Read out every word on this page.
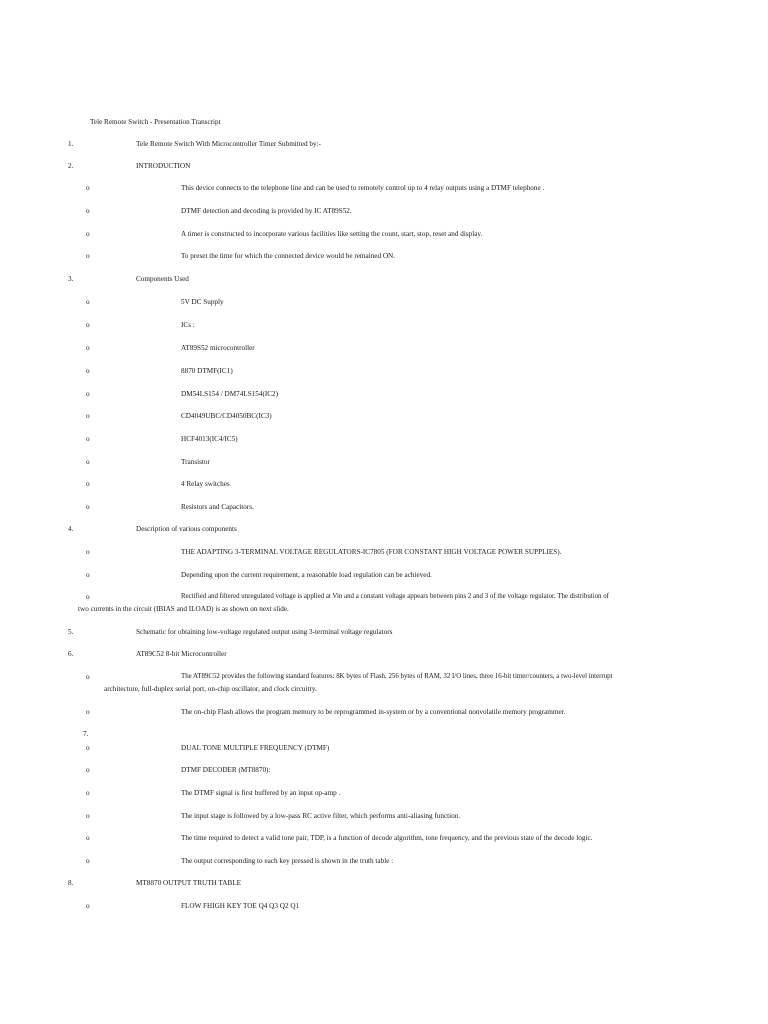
Tele Remote Switch - Presentation Transcript
1.	Tele Remote Switch With Microcontroller Timer Submitted by:-
2.	INTRODUCTION
o	This device connects to the telephone line and can be used to remotely control up to 4 relay outputs using a DTMF telephone .
o	DTMF detection and decoding is provided by IC AT89S52.
o	A timer is constructed to incorporate various facilities like setting the count, start, stop, reset and display.
o	To preset the time for which the connected device would be remained ON.
3.	Components Used
o	5V DC Supply
o	ICs :
o	AT89S52 microcontroller
o	8870 DTMF(IC1)
o	DM54LS154 / DM74LS154(IC2)
o	CD4049UBC/CD4050BC(IC3)
o	HCF4013(IC4/IC5)
o	Transistor
o	4 Relay switches
o	Resistors and Capacitors.
4.	Description of various components
o	THE ADAPTING 3-TERMINAL VOLTAGE REGULATORS-IC7805 (FOR CONSTANT HIGH VOLTAGE POWER SUPPLIES).
o	Depending upon the current requirement, a reasonable load regulation can be achieved.
o	Rectified and filtered unregulated voltage is applied at Vin and a constant voltage appears between pins 2 and 3 of the voltage regulator. The distribution of
two currents in the circuit (IBIAS and ILOAD) is as shown on next slide.
5.	Schematic for obtaining low-voltage regulated output using 3-terminal voltage regulators
6.	AT89C52 8-bit Microcontroller
o	The AT89C52 provides the following standard features: 8K bytes of Flash, 256 bytes of RAM, 32 I/O lines, three 16-bit timer/counters, a two-level interrupt
architecture, full-duplex serial port, on-chip oscillator, and clock circuitry.
o	The on-chip Flash allows the program memory to be reprogrammed in-system or by a conventional nonvolatile memory programmer.
7.
o	DUAL TONE MULTIPLE FREQUENCY (DTMF)
o	DTMF DECODER (MT8870):
o	The DTMF signal is first buffered by an input op-amp .
o	The input stage is followed by a low-pass RC active filter, which performs anti-aliasing function.
o	The time required to detect a valid tone pair, TDP, is a function of decode algorithm, tone frequency, and the previous state of the decode logic.
o	The output corresponding to each key pressed is shown in the truth table :
8.	MT8870 OUTPUT TRUTH TABLE
o	FLOW FHIGH KEY TOE Q4 Q3 Q2 Q1
